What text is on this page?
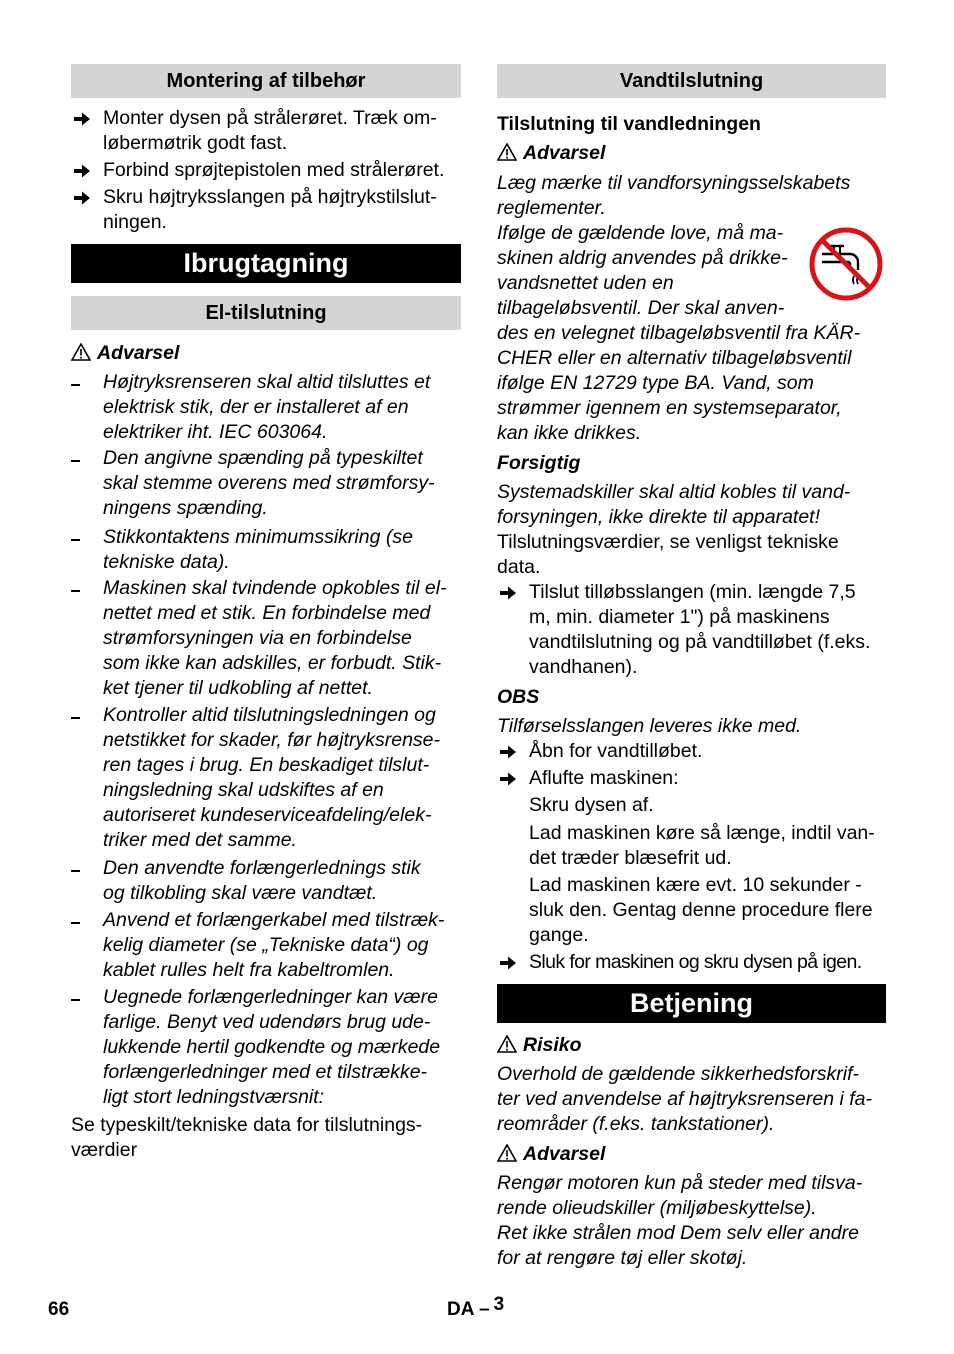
Montering af tilbehør
Monter dysen på strålerøret. Træk om-
løbermøtrik godt fast.
Forbind sprøjtepistolen med strålerøret.
Skru højtryksslangen på højtrykstilslut-
ningen.
Ibrugtagning
El-tilslutning
Advarsel
Højtryksrenseren skal altid tilsluttes et
elektrisk stik, der er installeret af en
elektriker iht. IEC 603064.
Den angivne spænding på typeskiltet
skal stemme overens med strømforsy-
ningens spænding.
Stikkontaktens minimumssikring (se
tekniske data).
Maskinen skal tvindende opkobles til el-
nettet med et stik. En forbindelse med
strømforsyningen via en forbindelse
som ikke kan adskilles, er forbudt. Stik-
ket tjener til udkobling af nettet.
Kontroller altid tilslutningsledningen og
netstikket for skader, før højtryksrense-
ren tages i brug. En beskadiget tilslut-
ningsledning skal udskiftes af en
autoriseret kundeserviceafdeling/elek-
triker med det samme.
Den anvendte forlængerlednings stik
og tilkobling skal være vandtæt.
Anvend et forlængerkabel med tilstræk-
kelig diameter (se „Tekniske data“) og
kablet rulles helt fra kabeltromlen.
Uegnede forlængerledninger kan være
farlige. Benyt ved udendørs brug ude-
lukkende hertil godkendte og mærkede
forlængerledninger med et tilstrække-
ligt stort ledningstværsnit:
Se typeskilt/tekniske data for tilslutnings-
værdier
Vandtilslutning
Tilslutning til vandledningen
Advarsel
Læg mærke til vandforsyningsselskabets
reglementer.
Ifølge de gældende love, må ma-
skinen aldrig anvendes på drikke-
vandsnettet uden en
tilbageløbsventil. Der skal anven-
des en velegnet tilbageløbsventil fra KÄR-
CHER eller en alternativ tilbageløbsventil
ifølge EN 12729 type BA. Vand, som
strømmer igennem en systemseparator,
kan ikke drikkes.
Forsigtig
Systemadskiller skal altid kobles til vand-
forsyningen, ikke direkte til apparatet!
Tilslutningsværdier, se venligst tekniske
data.
Tilslut tilløbsslangen (min. længde 7,5
m, min. diameter 1") på maskinens
vandtilslutning og på vandtilløbet (f.eks.
vandhanen).
OBS
Tilførselsslangen leveres ikke med.
Åbn for vandtilløbet.
Aflufte maskinen:
Skru dysen af.
Lad maskinen køre så længe, indtil van-
det træder blæsefrit ud.
Lad maskinen kære evt. 10 sekunder -
sluk den. Gentag denne procedure flere
gange.
Sluk for maskinen og skru dysen på igen.
Risiko
Overhold de gældende sikkerhedsforskrif-
ter ved anvendelse af højtryksrenseren i fa-
reområder (f.eks. tankstationer).
Advarsel
Rengør motoren kun på steder med tilsva-
rende olieudskiller (miljøbeskyttelse).
Ret ikke strålen mod Dem selv eller andre
for at rengøre tøj eller skotøj.
Betjening
66	DA – 3
